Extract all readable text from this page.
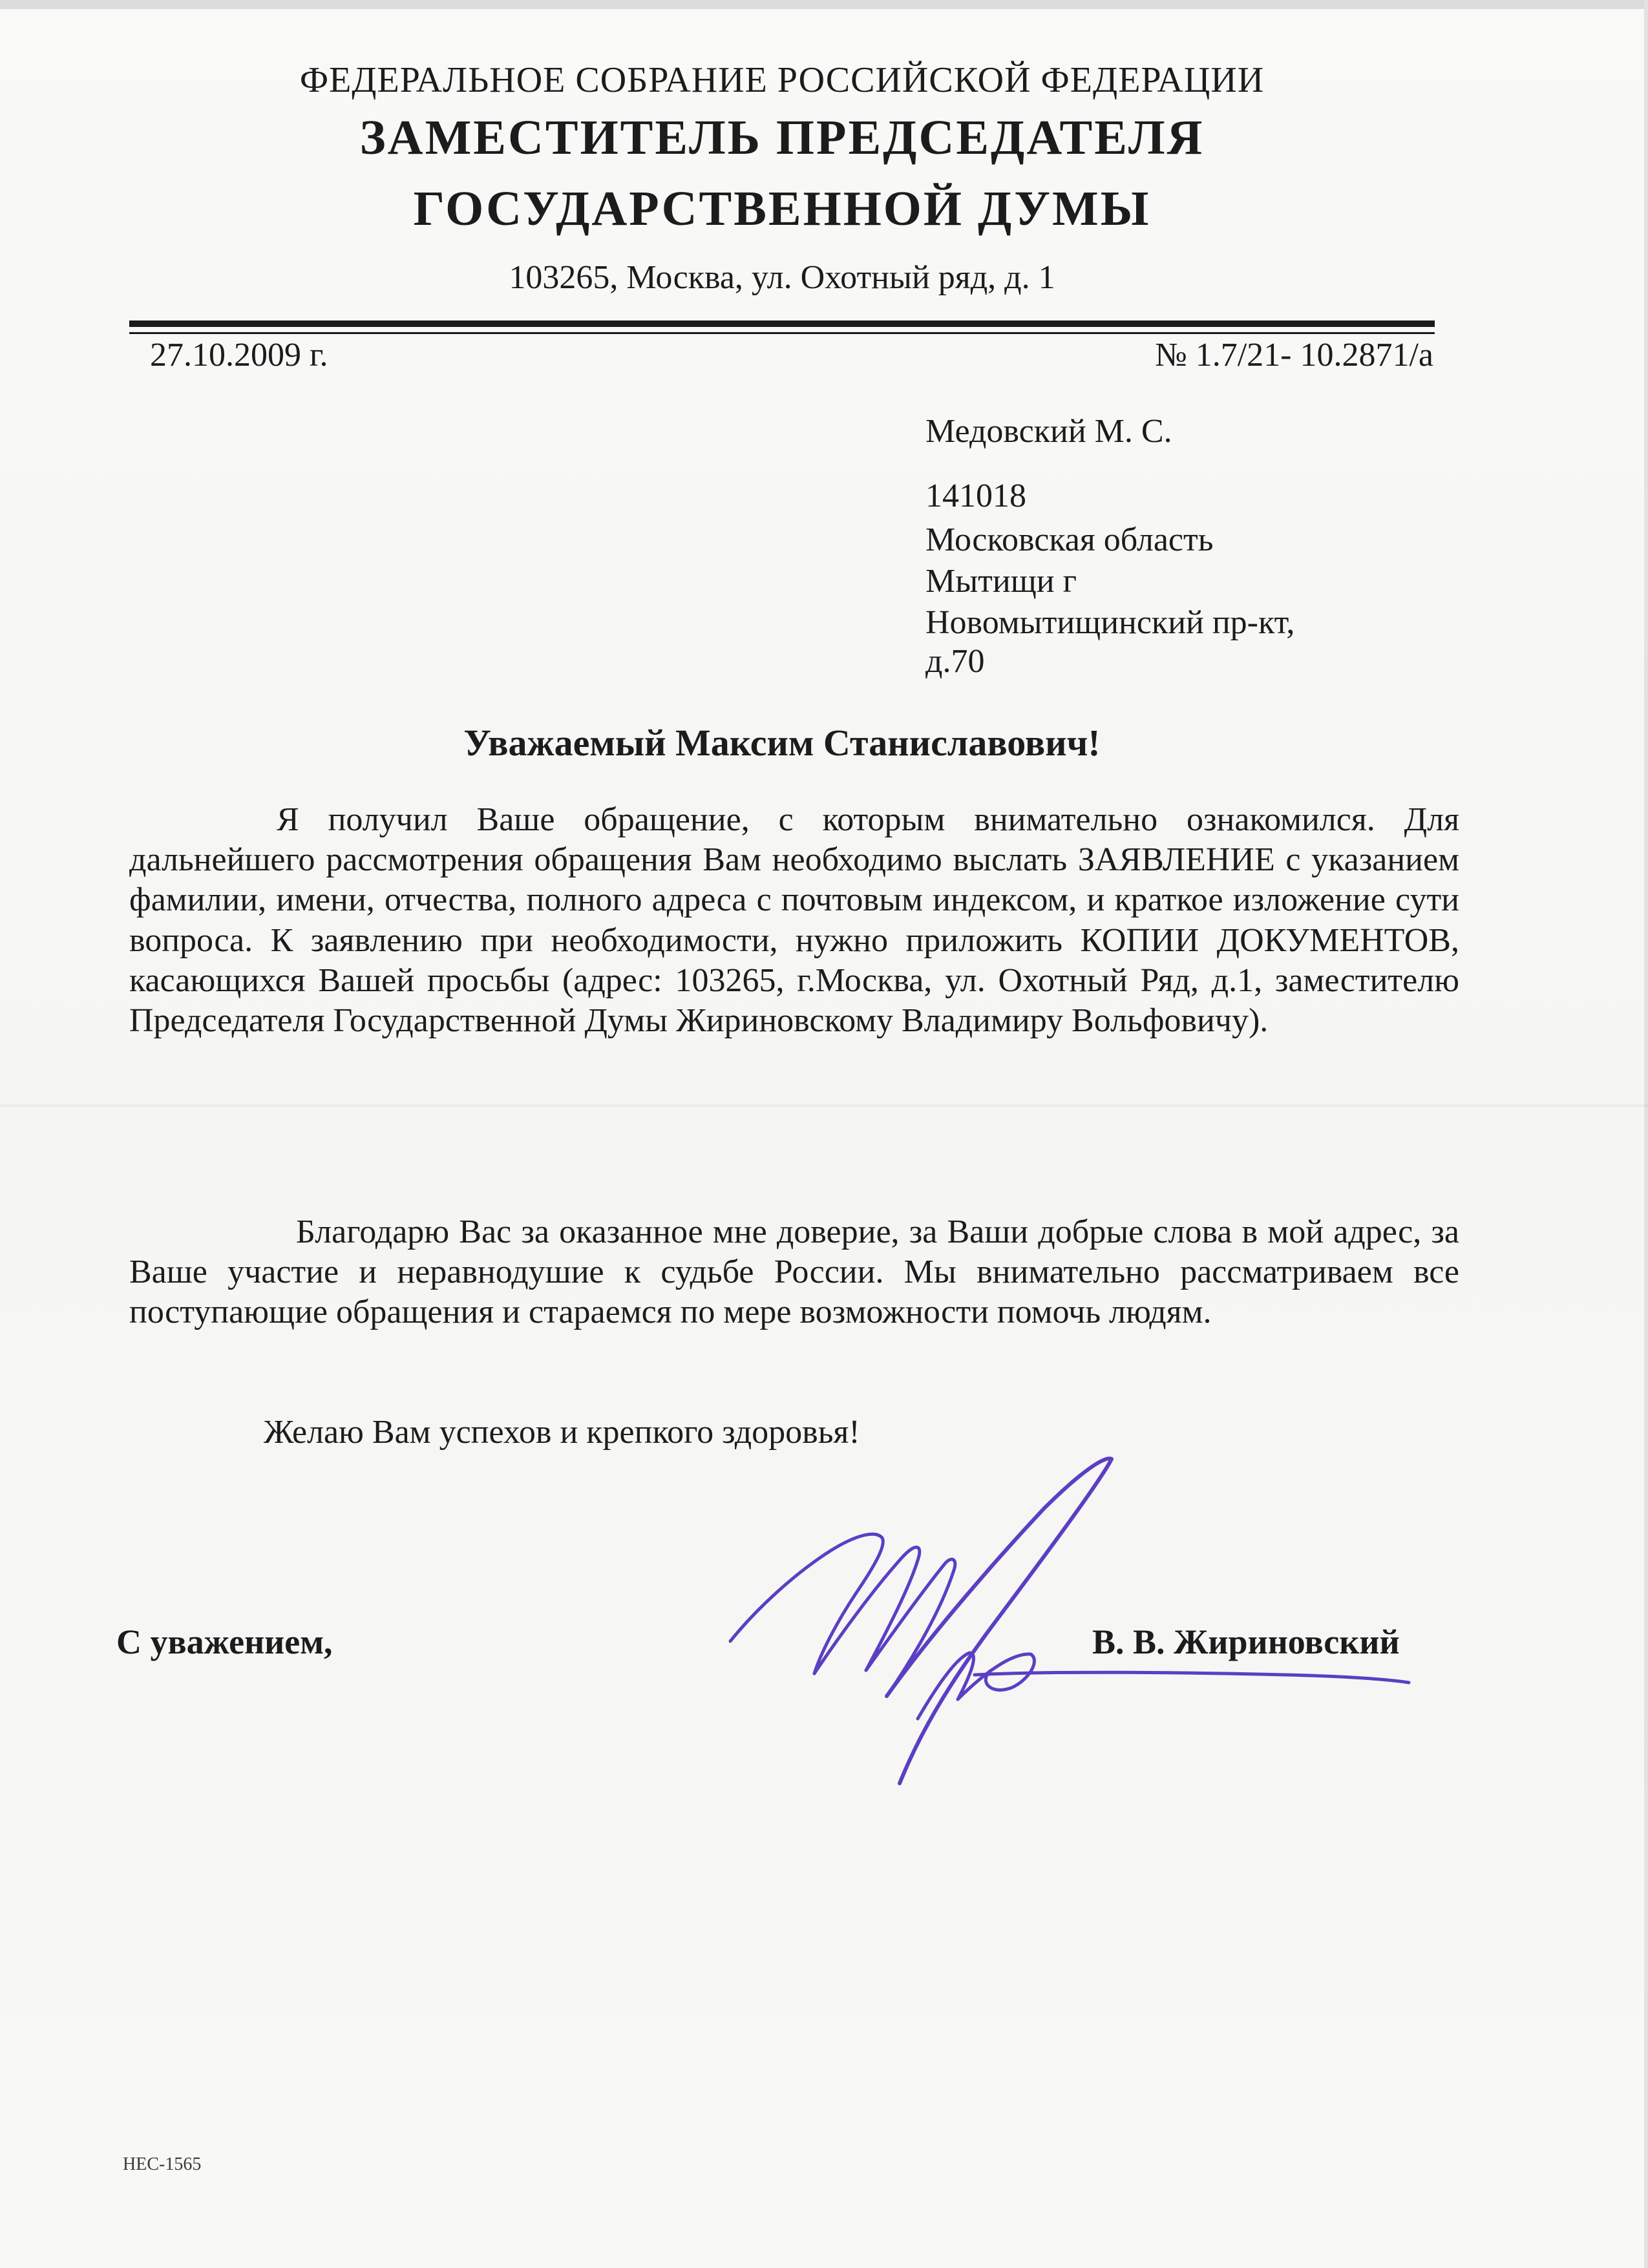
ФЕДЕРАЛЬНОЕ СОБРАНИЕ РОССИЙСКОЙ ФЕДЕРАЦИИ
ЗАМЕСТИТЕЛЬ ПРЕДСЕДАТЕЛЯ
ГОСУДАРСТВЕННОЙ ДУМЫ
103265, Москва, ул. Охотный ряд, д. 1
27.10.2009 г.	№ 1.7/21- 10.2871/а
Медовский М. С.
141018
Московская область
Мытищи г
Новомытищинский пр-кт,
д.70
Уважаемый Максим Станиславович!

Я получил Ваше обращение, с которым внимательно ознакомился. Для дальнейшего рассмотрения обращения Вам необходимо выслать ЗАЯВЛЕНИЕ с указанием фамилии, имени, отчества, полного адреса с почтовым индексом, и краткое изложение сути вопроса. К заявлению при необходимости, нужно приложить КОПИИ ДОКУМЕНТОВ, касающихся Вашей просьбы (адрес: 103265, г.Москва, ул. Охотный Ряд, д.1, заместителю Председателя Государственной Думы Жириновскому Владимиру Вольфовичу).

Благодарю Вас за оказанное мне доверие, за Ваши добрые слова в мой адрес, за Ваше участие и неравнодушие к судьбе России. Мы внимательно рассматриваем все поступающие обращения и стараемся по мере возможности помочь людям.

Желаю Вам успехов и крепкого здоровья!

С уважением,	В. В. Жириновский
НЕС-1565
